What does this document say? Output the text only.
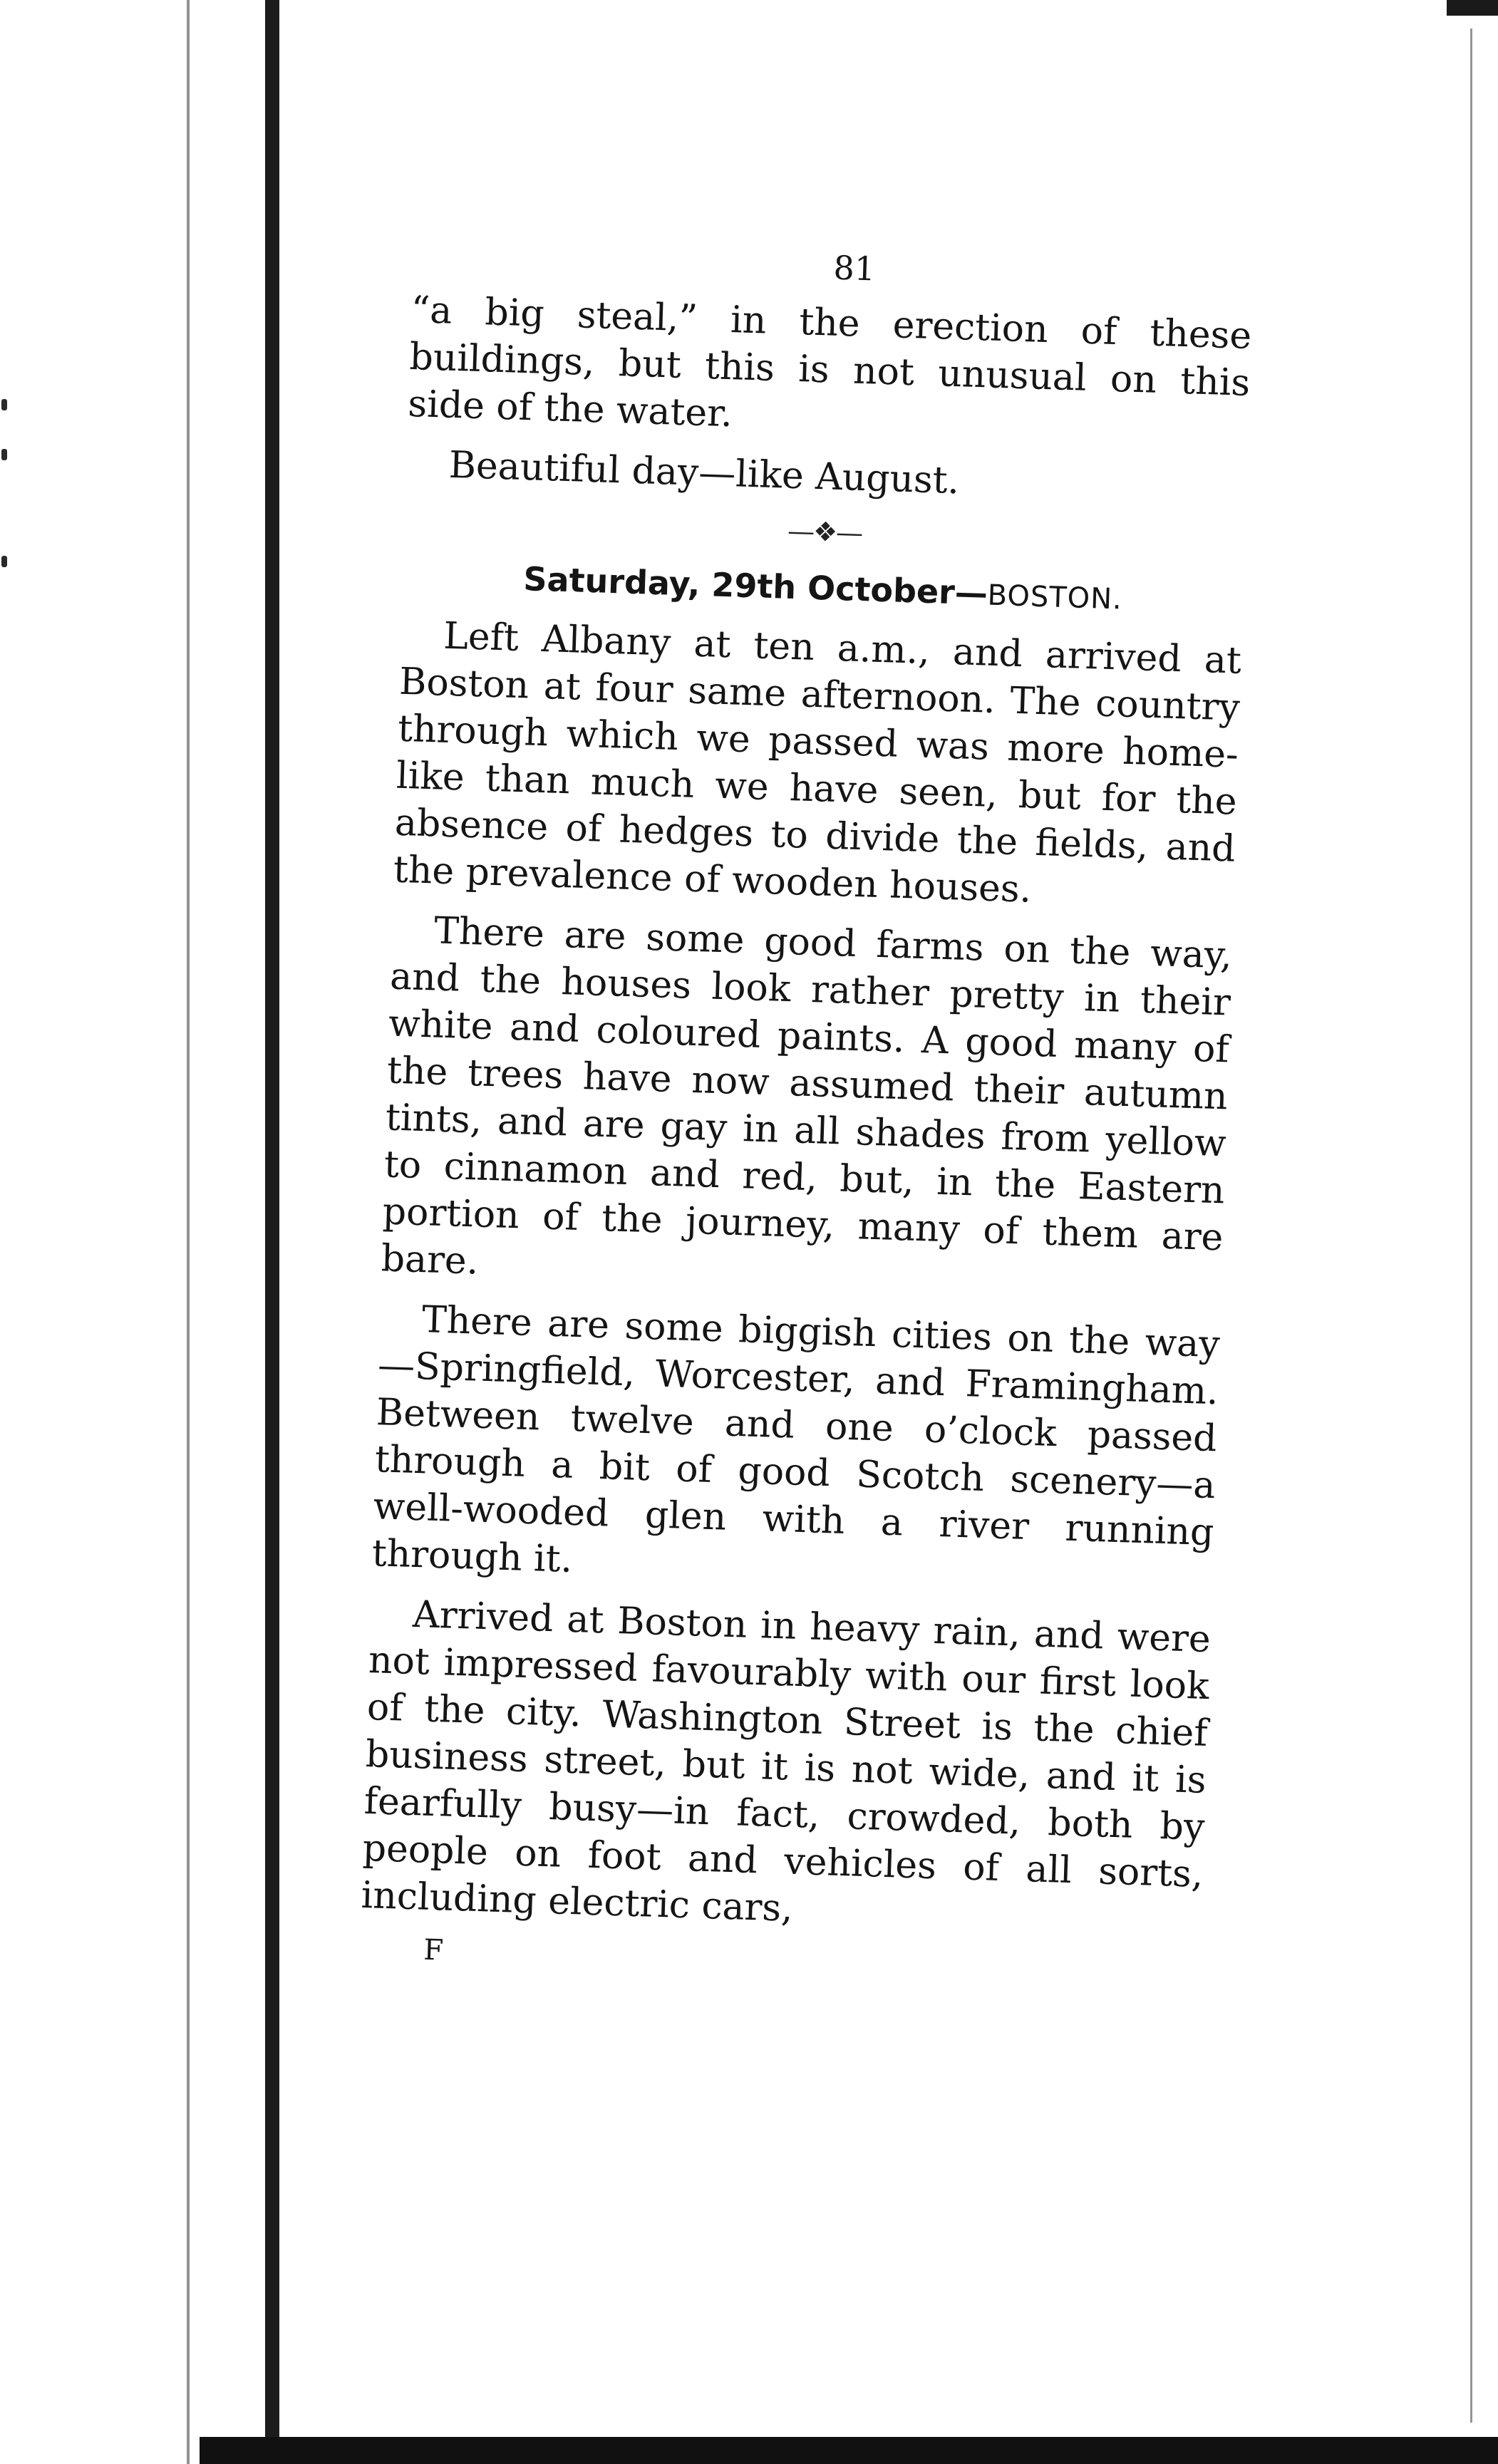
81

“a big steal,” in the erection of these buildings, but this is not unusual on this side of the water.

Beautiful day—like August.

—❖—
Saturday, 29th October—BOSTON.

Left Albany at ten a.m., and arrived at Boston at four same afternoon. The country through which we passed was more home-like than much we have seen, but for the absence of hedges to divide the fields, and the prevalence of wooden houses.

There are some good farms on the way, and the houses look rather pretty in their white and coloured paints. A good many of the trees have now assumed their autumn tints, and are gay in all shades from yellow to cinnamon and red, but, in the Eastern portion of the journey, many of them are bare.

There are some biggish cities on the way—Springfield, Worcester, and Framingham. Between twelve and one o’clock passed through a bit of good Scotch scenery—a well-wooded glen with a river running through it.

Arrived at Boston in heavy rain, and were not impressed favourably with our first look of the city. Washington Street is the chief business street, but it is not wide, and it is fearfully busy—in fact, crowded, both by people on foot and vehicles of all sorts, including electric cars,

F
